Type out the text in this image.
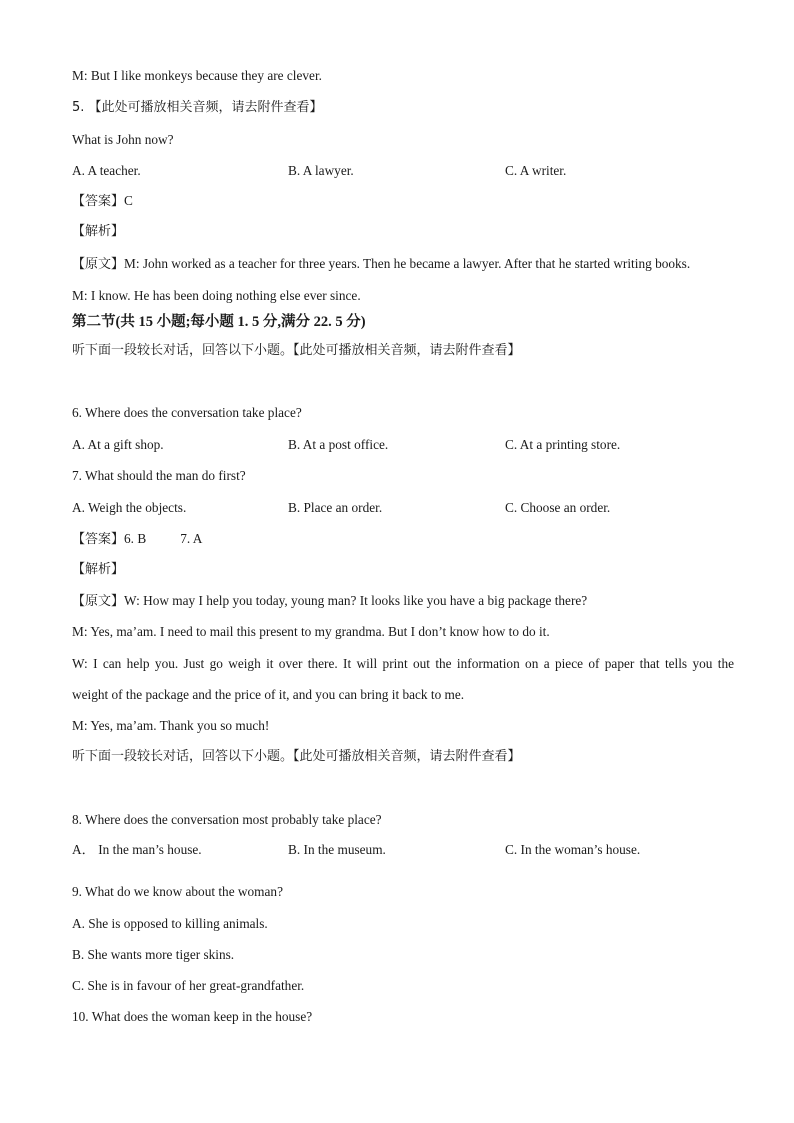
M: But I like monkeys because they are clever.
5. 【此处可播放相关音频，请去附件查看】
What is John now?
A. A teacher.	B. A lawyer.	C. A writer.
【答案】C
【解析】
【原文】M: John worked as a teacher for three years. Then he became a lawyer. After that he started writing books.
M: I know. He has been doing nothing else ever since.
第二节(共 15 小题;每小题 1. 5 分,满分 22. 5 分)
听下面一段较长对话，回答以下小题。【此处可播放相关音频，请去附件查看】
6. Where does the conversation take place?
A. At a gift shop.	B. At a post office.	C. At a printing store.
7. What should the man do first?
A. Weigh the objects.	B. Place an order.	C. Choose an order.
【答案】6. B	7. A
【解析】
【原文】W: How may I help you today, young man? It looks like you have a big package there?
M: Yes, ma’am. I need to mail this present to my grandma. But I don’t know how to do it.
W: I can help you. Just go weigh it over there. It will print out the information on a piece of paper that tells you the
weight of the package and the price of it, and you can bring it back to me.
M: Yes, ma’am. Thank you so much!
听下面一段较长对话，回答以下小题。【此处可播放相关音频，请去附件查看】
8. Where does the conversation most probably take place?
A． In the man’s house.	B. In the museum.	C. In the woman’s house.
9. What do we know about the woman?
A. She is opposed to killing animals.
B. She wants more tiger skins.
C. She is in favour of her great-grandfather.
10. What does the woman keep in the house?
